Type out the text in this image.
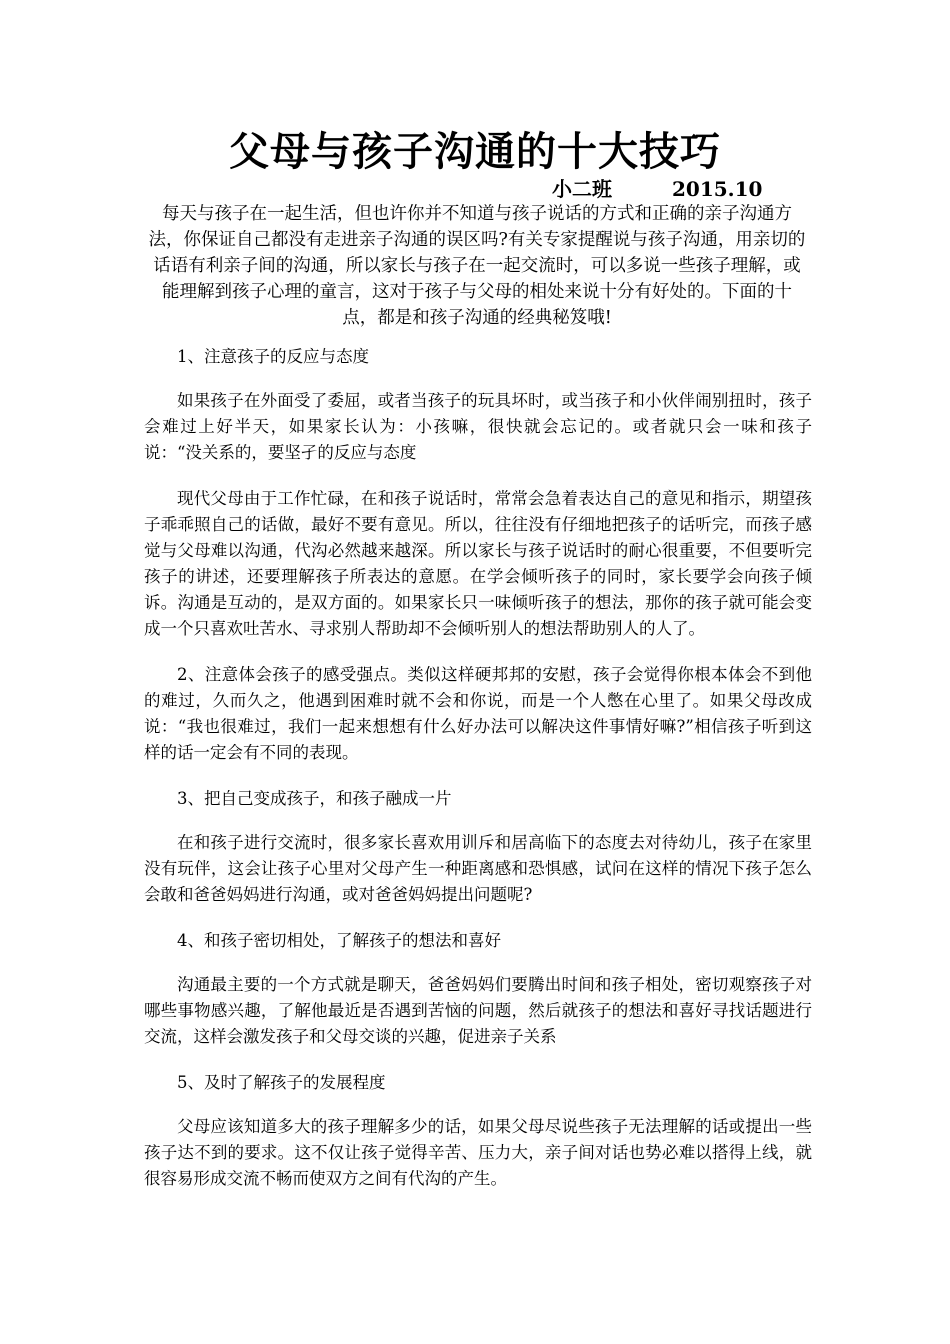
父母与孩子沟通的十大技巧
小二班	2015.10
每天与孩子在一起生活，但也许你并不知道与孩子说话的方式和正确的亲子沟通方法，你保证自己都没有走进亲子沟通的误区吗?有关专家提醒说与孩子沟通，用亲切的话语有利亲子间的沟通，所以家长与孩子在一起交流时，可以多说一些孩子理解，或能理解到孩子心理的童言，这对于孩子与父母的相处来说十分有好处的。下面的十点，都是和孩子沟通的经典秘笈哦!

1、注意孩子的反应与态度

如果孩子在外面受了委屈，或者当孩子的玩具坏时，或当孩子和小伙伴闹别扭时，孩子会难过上好半天，如果家长认为：小孩嘛，很快就会忘记的。或者就只会一味和孩子说：“没关系的，要坚孑的反应与态度

现代父母由于工作忙碌，在和孩子说话时，常常会急着表达自己的意见和指示，期望孩子乖乖照自己的话做，最好不要有意见。所以，往往没有仔细地把孩子的话听完，而孩子感觉与父母难以沟通，代沟必然越来越深。所以家长与孩子说话时的耐心很重要，不但要听完孩子的讲述，还要理解孩子所表达的意愿。在学会倾听孩子的同时，家长要学会向孩子倾诉。沟通是互动的，是双方面的。如果家长只一味倾听孩子的想法，那你的孩子就可能会变成一个只喜欢吐苦水、寻求别人帮助却不会倾听别人的想法帮助别人的人了。

2、注意体会孩子的感受强点。类似这样硬邦邦的安慰，孩子会觉得你根本体会不到他的难过，久而久之，他遇到困难时就不会和你说，而是一个人憋在心里了。如果父母改成说：“我也很难过，我们一起来想想有什么好办法可以解决这件事情好嘛?”相信孩子听到这样的话一定会有不同的表现。

3、把自己变成孩子，和孩子融成一片

在和孩子进行交流时，很多家长喜欢用训斥和居高临下的态度去对待幼儿，孩子在家里没有玩伴，这会让孩子心里对父母产生一种距离感和恐惧感，试问在这样的情况下孩子怎么会敢和爸爸妈妈进行沟通，或对爸爸妈妈提出问题呢?

4、和孩子密切相处，了解孩子的想法和喜好

沟通最主要的一个方式就是聊天，爸爸妈妈们要腾出时间和孩子相处，密切观察孩子对哪些事物感兴趣，了解他最近是否遇到苦恼的问题，然后就孩子的想法和喜好寻找话题进行交流，这样会激发孩子和父母交谈的兴趣，促进亲子关系

5、及时了解孩子的发展程度

父母应该知道多大的孩子理解多少的话，如果父母尽说些孩子无法理解的话或提出一些孩子达不到的要求。这不仅让孩子觉得辛苦、压力大，亲子间对话也势必难以搭得上线，就很容易形成交流不畅而使双方之间有代沟的产生。
